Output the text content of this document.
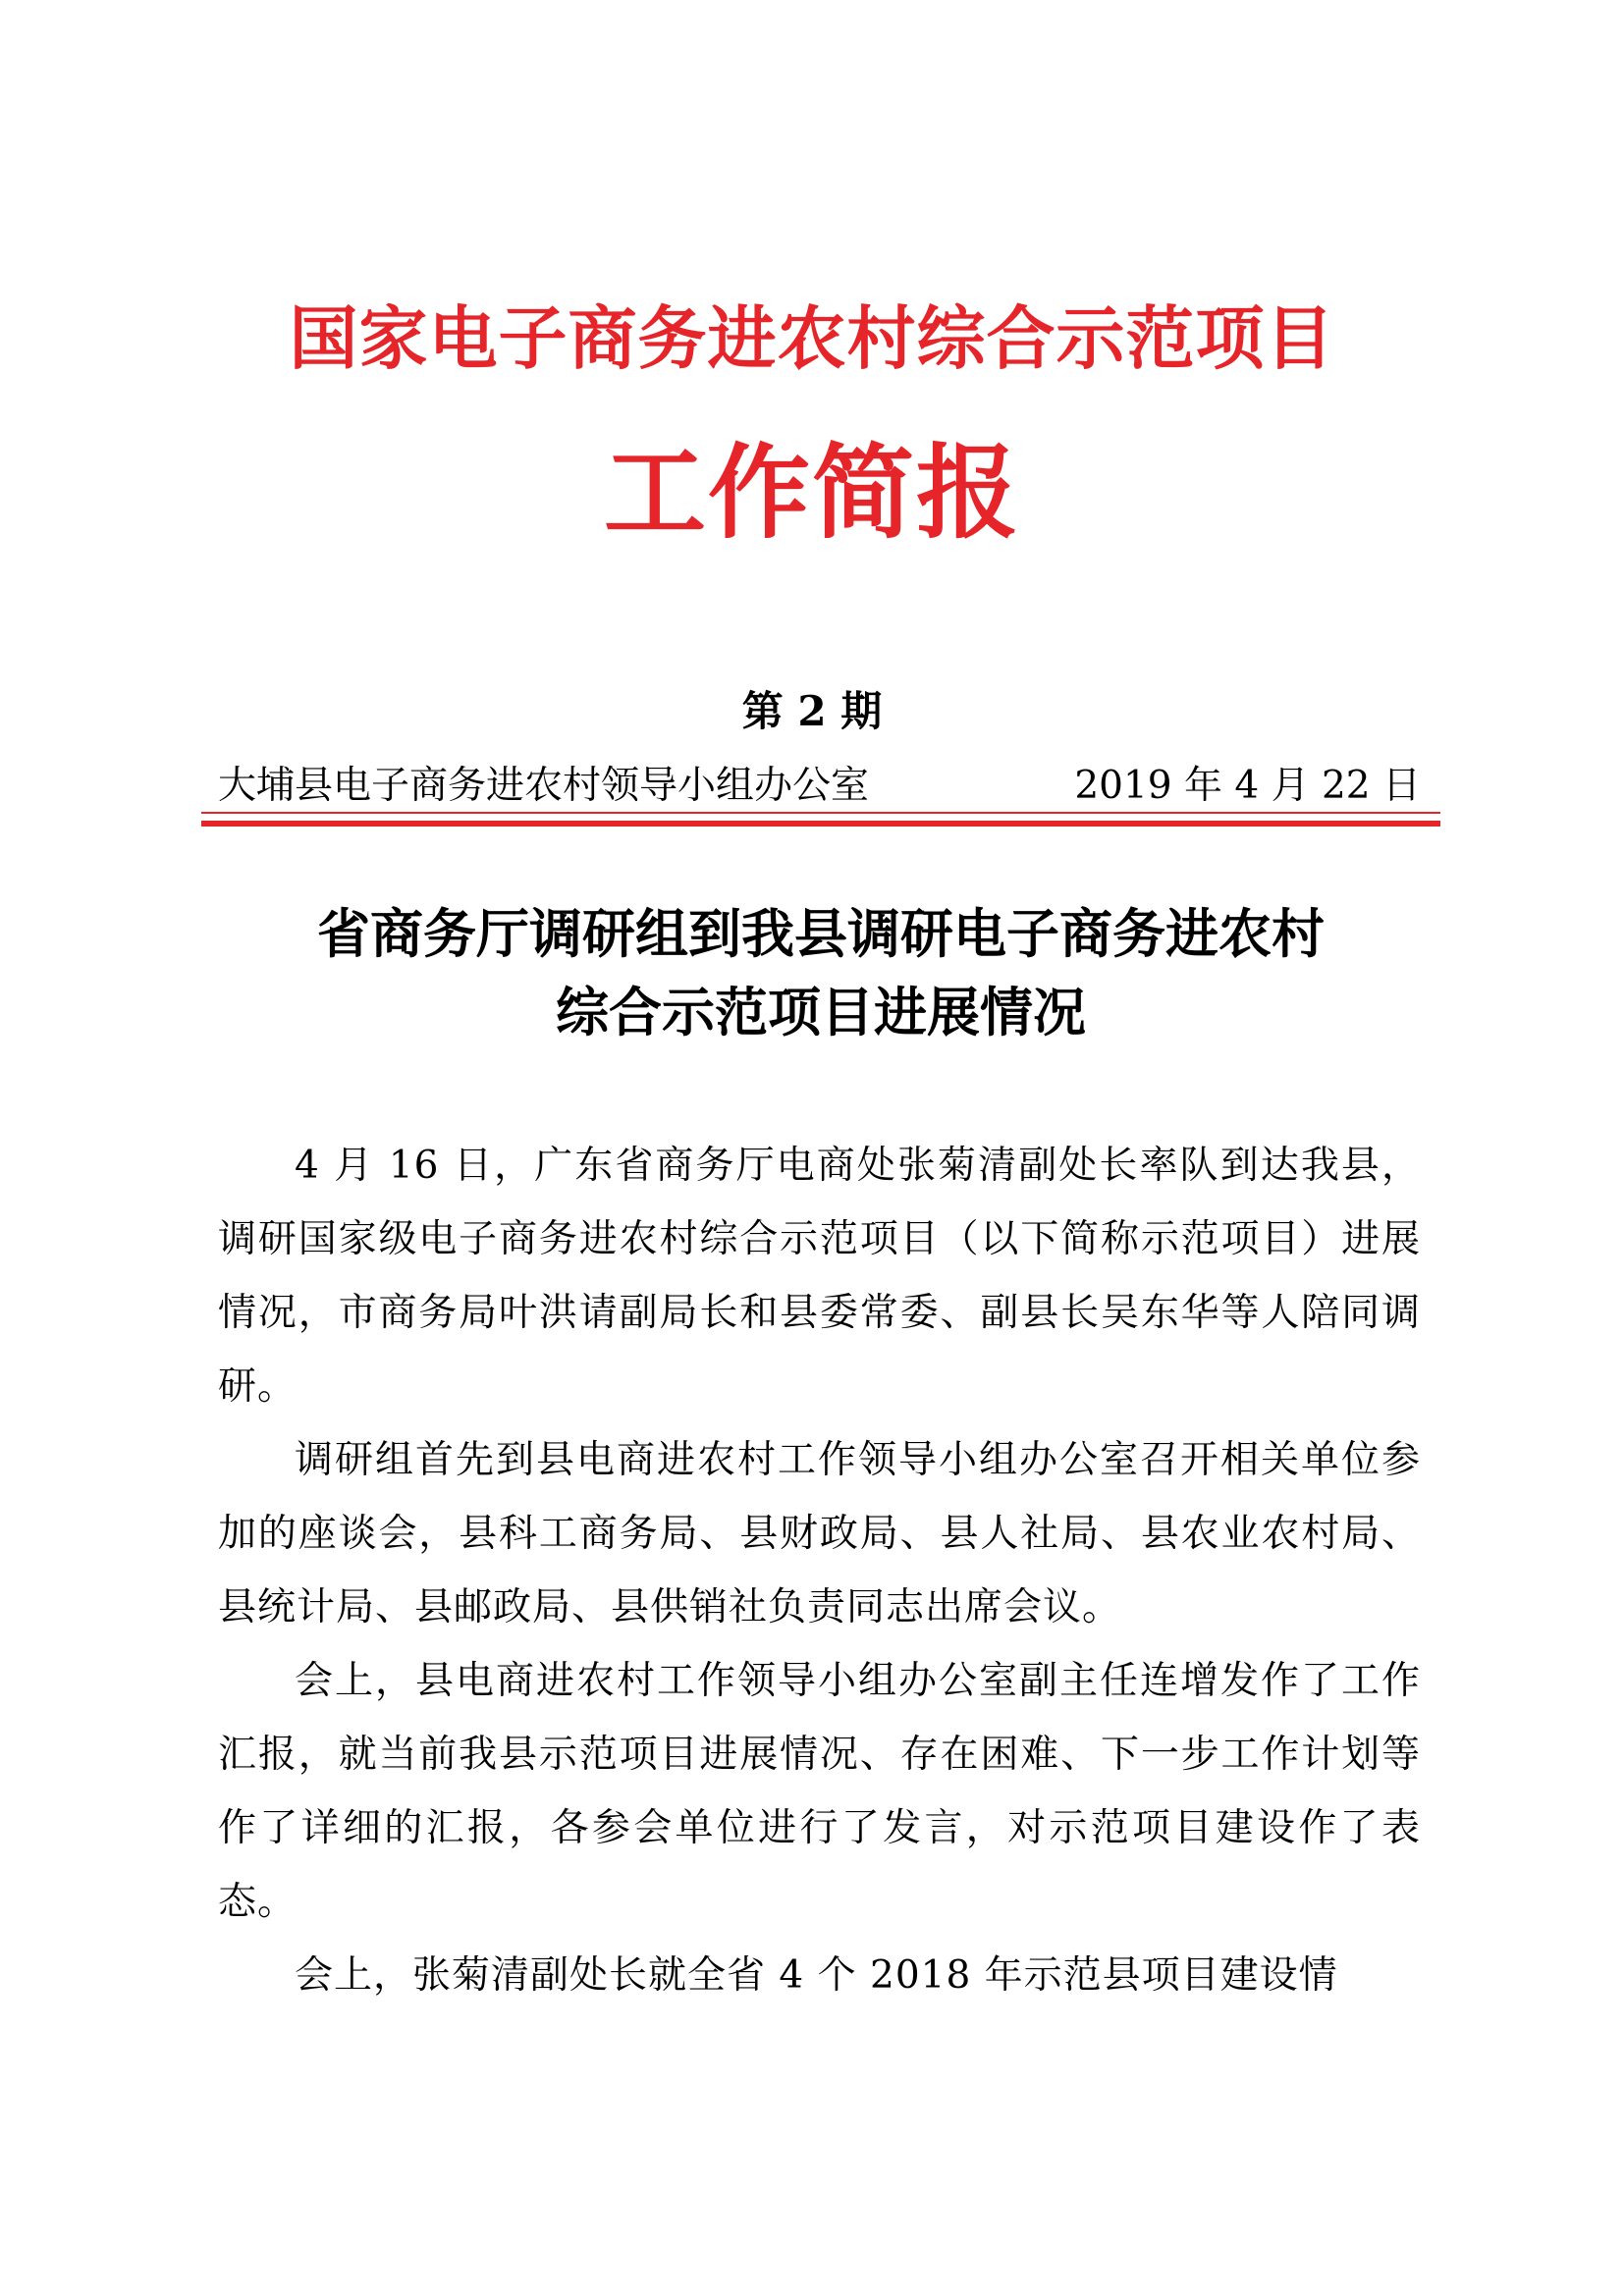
国家电子商务进农村综合示范项目
工作简报
第 2 期
大埔县电子商务进农村领导小组办公室	2019 年 4 月 22 日
省商务厅调研组到我县调研电子商务进农村
综合示范项目进展情况

4 月 16 日，广东省商务厅电商处张菊清副处长率队到达我县，调研国家级电子商务进农村综合示范项目（以下简称示范项目）进展情况，市商务局叶洪请副局长和县委常委、副县长吴东华等人陪同调研。

调研组首先到县电商进农村工作领导小组办公室召开相关单位参加的座谈会，县科工商务局、县财政局、县人社局、县农业农村局、县统计局、县邮政局、县供销社负责同志出席会议。

会上，县电商进农村工作领导小组办公室副主任连增发作了工作汇报，就当前我县示范项目进展情况、存在困难、下一步工作计划等作了详细的汇报，各参会单位进行了发言，对示范项目建设作了表态。

会上，张菊清副处长就全省 4 个 2018 年示范县项目建设情
